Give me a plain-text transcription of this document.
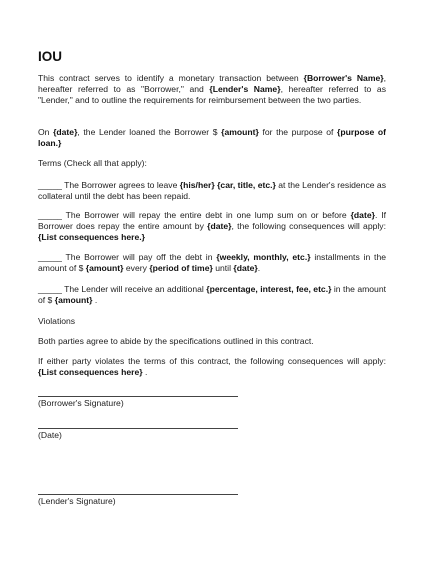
IOU

This contract serves to identify a monetary transaction between {Borrower's Name}, hereafter referred to as "Borrower," and {Lender's Name}, hereafter referred to as "Lender," and to outline the requirements for reimbursement between the two parties.

On {date}, the Lender loaned the Borrower $ {amount} for the purpose of {purpose of loan.}

Terms (Check all that apply):

_____ The Borrower agrees to leave {his/her} {car, title, etc.} at the Lender's residence as collateral until the debt has been repaid.

_____ The Borrower will repay the entire debt in one lump sum on or before {date}. If Borrower does repay the entire amount by {date}, the following consequences will apply: {List consequences here.}

_____ The Borrower will pay off the debt in {weekly, monthly, etc.} installments in the amount of $ {amount} every {period of time} until {date}.

_____ The Lender will receive an additional {percentage, interest, fee, etc.} in the amount of $ {amount} .

Violations

Both parties agree to abide by the specifications outlined in this contract.

If either party violates the terms of this contract, the following consequences will apply: {List consequences here} .

(Borrower's Signature)

(Date)

(Lender's Signature)
